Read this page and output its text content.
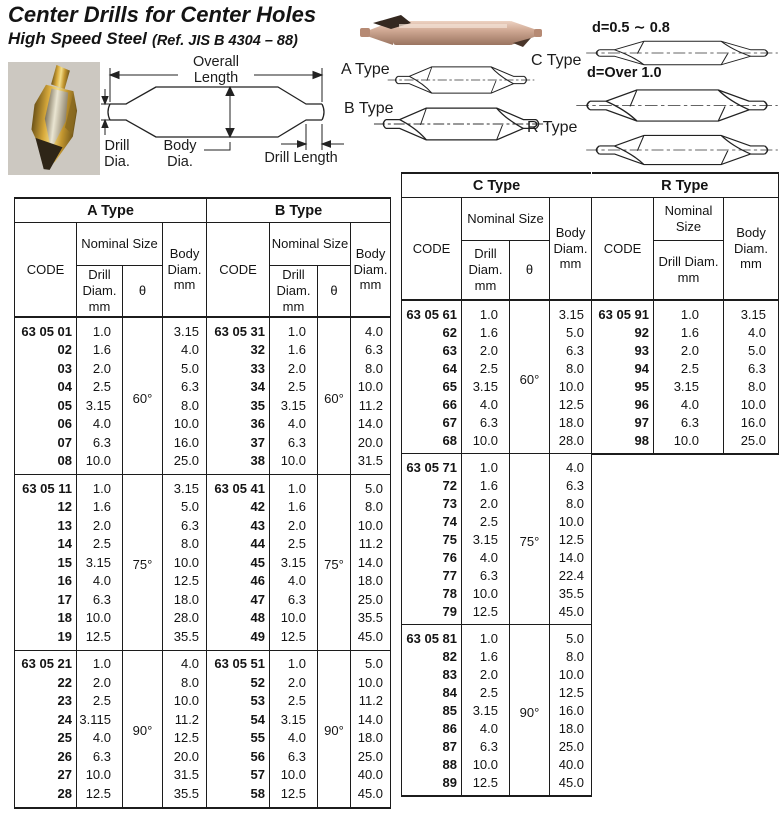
Center Drills for Center Holes
High Speed Steel (Ref. JIS B 4304 – 88)
Overall Length
Drill Dia.
Body Dia.	Drill Length
A Type
B Type
d=0.5 ∼ 0.8
C Type
d=Over 1.0
R Type
A Type			
CODE	Nominal Size		Body Diam. mm
	Drill Diam. mm	θ	
63 05 01	1.0	60°	3.15
02	1.6		4.0
03	2.0		5.0
04	2.5		6.3
05	3.15		8.0
06	4.0		10.0
07	6.3		16.0
08	10.0		25.0
63 05 11	1.0	75°	3.15
12	1.6		5.0
13	2.0		6.3
14	2.5		8.0
15	3.15		10.0
16	4.0		12.5
17	6.3		18.0
18	10.0		28.0
19	12.5		35.5
63 05 21	1.0	90°	4.0
22	2.0		8.0
23	2.5		10.0
24	3.115		11.2
25	4.0		12.5
26	6.3		20.0
27	10.0		31.5
28	12.5		35.5
B Type			
CODE	Nominal Size		Body Diam. mm
	Drill Diam. mm	θ	
63 05 31	1.0	60°	4.0
32	1.6		6.3
33	2.0		8.0
34	2.5		10.0
35	3.15		11.2
36	4.0		14.0
37	6.3		20.0
38	10.0		31.5
63 05 41	1.0	75°	5.0
42	1.6		8.0
43	2.0		10.0
44	2.5		11.2
45	3.15		14.0
46	4.0		18.0
47	6.3		25.0
48	10.0		35.5
49	12.5		45.0
63 05 51	1.0	90°	5.0
52	2.0		10.0
53	2.5		11.2
54	3.15		14.0
55	4.0		18.0
56	6.3		25.0
57	10.0		40.0
58	12.5		45.0
C Type			
CODE	Nominal Size		Body Diam. mm
	Drill Diam. mm	θ	
63 05 61	1.0	60°	3.15
62	1.6		5.0
63	2.0		6.3
64	2.5		8.0
65	3.15		10.0
66	4.0		12.5
67	6.3		18.0
68	10.0		28.0
63 05 71	1.0	75°	4.0
72	1.6		6.3
73	2.0		8.0
74	2.5		10.0
75	3.15		12.5
76	4.0		14.0
77	6.3		22.4
78	10.0		35.5
79	12.5		45.0
63 05 81	1.0	90°	5.0
82	1.6		8.0
83	2.0		10.0
84	2.5		12.5
85	3.15		16.0
86	4.0		18.0
87	6.3		25.0
88	10.0		40.0
89	12.5		45.0
R Type		
CODE	Nominal Size	Body Diam. mm
	Drill Diam. mm	
63 05 91	1.0	3.15
92	1.6	4.0
93	2.0	5.0
94	2.5	6.3
95	3.15	8.0
96	4.0	10.0
97	6.3	16.0
98	10.0	25.0
